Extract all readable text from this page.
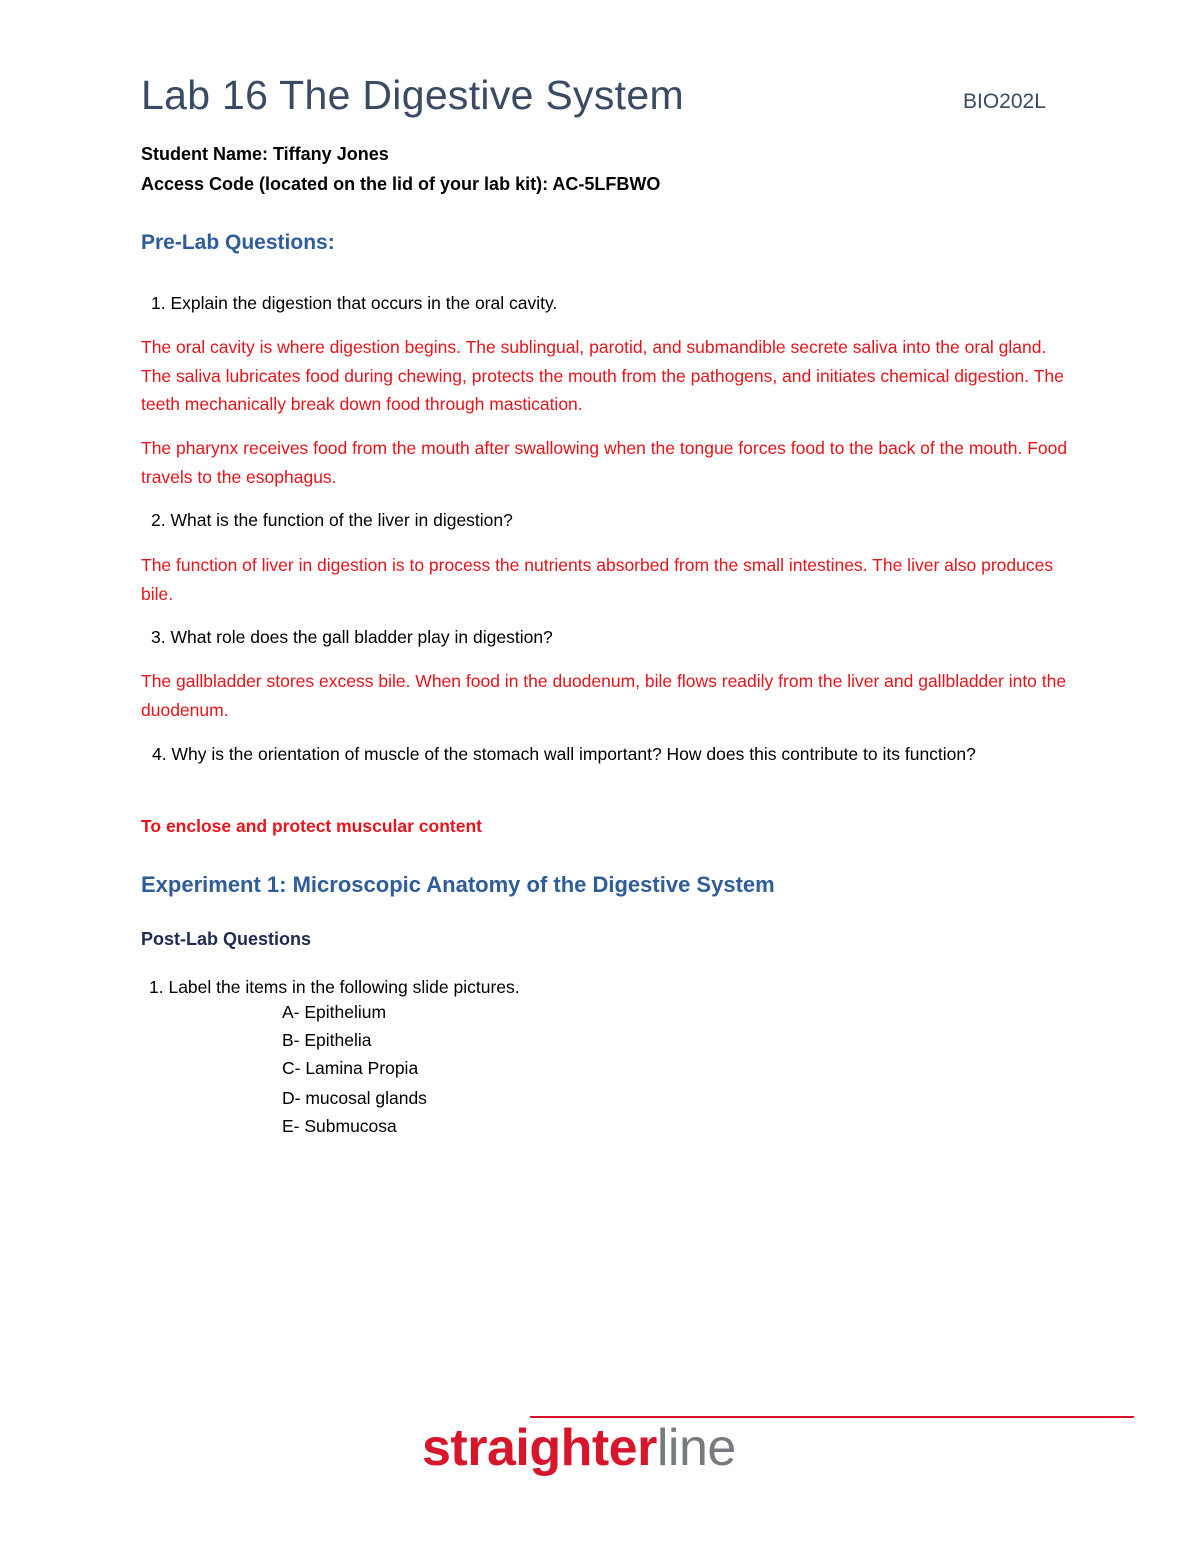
Lab 16 The Digestive System	BIO202L
Student Name: Tiffany Jones
Access Code (located on the lid of your lab kit): AC-5LFBWO
Pre-Lab Questions:
1. Explain the digestion that occurs in the oral cavity.
The oral cavity is where digestion begins. The sublingual, parotid, and submandible secrete saliva into the oral gland. The saliva lubricates food during chewing, protects the mouth from the pathogens, and initiates chemical digestion. The teeth mechanically break down food through mastication.
The pharynx receives food from the mouth after swallowing when the tongue forces food to the back of the mouth. Food travels to the esophagus.
2. What is the function of the liver in digestion?
The function of liver in digestion is to process the nutrients absorbed from the small intestines. The liver also produces bile.
3. What role does the gall bladder play in digestion?
The gallbladder stores excess bile. When food in the duodenum, bile flows readily from the liver and gallbladder into the duodenum.
4. Why is the orientation of muscle of the stomach wall important? How does this contribute to its function?
To enclose and protect muscular content
Experiment 1: Microscopic Anatomy of the Digestive System
Post-Lab Questions
1. Label the items in the following slide pictures.
A- Epithelium
B- Epithelia
C- Lamina Propia
D- mucosal glands
E- Submucosa
straighterline
